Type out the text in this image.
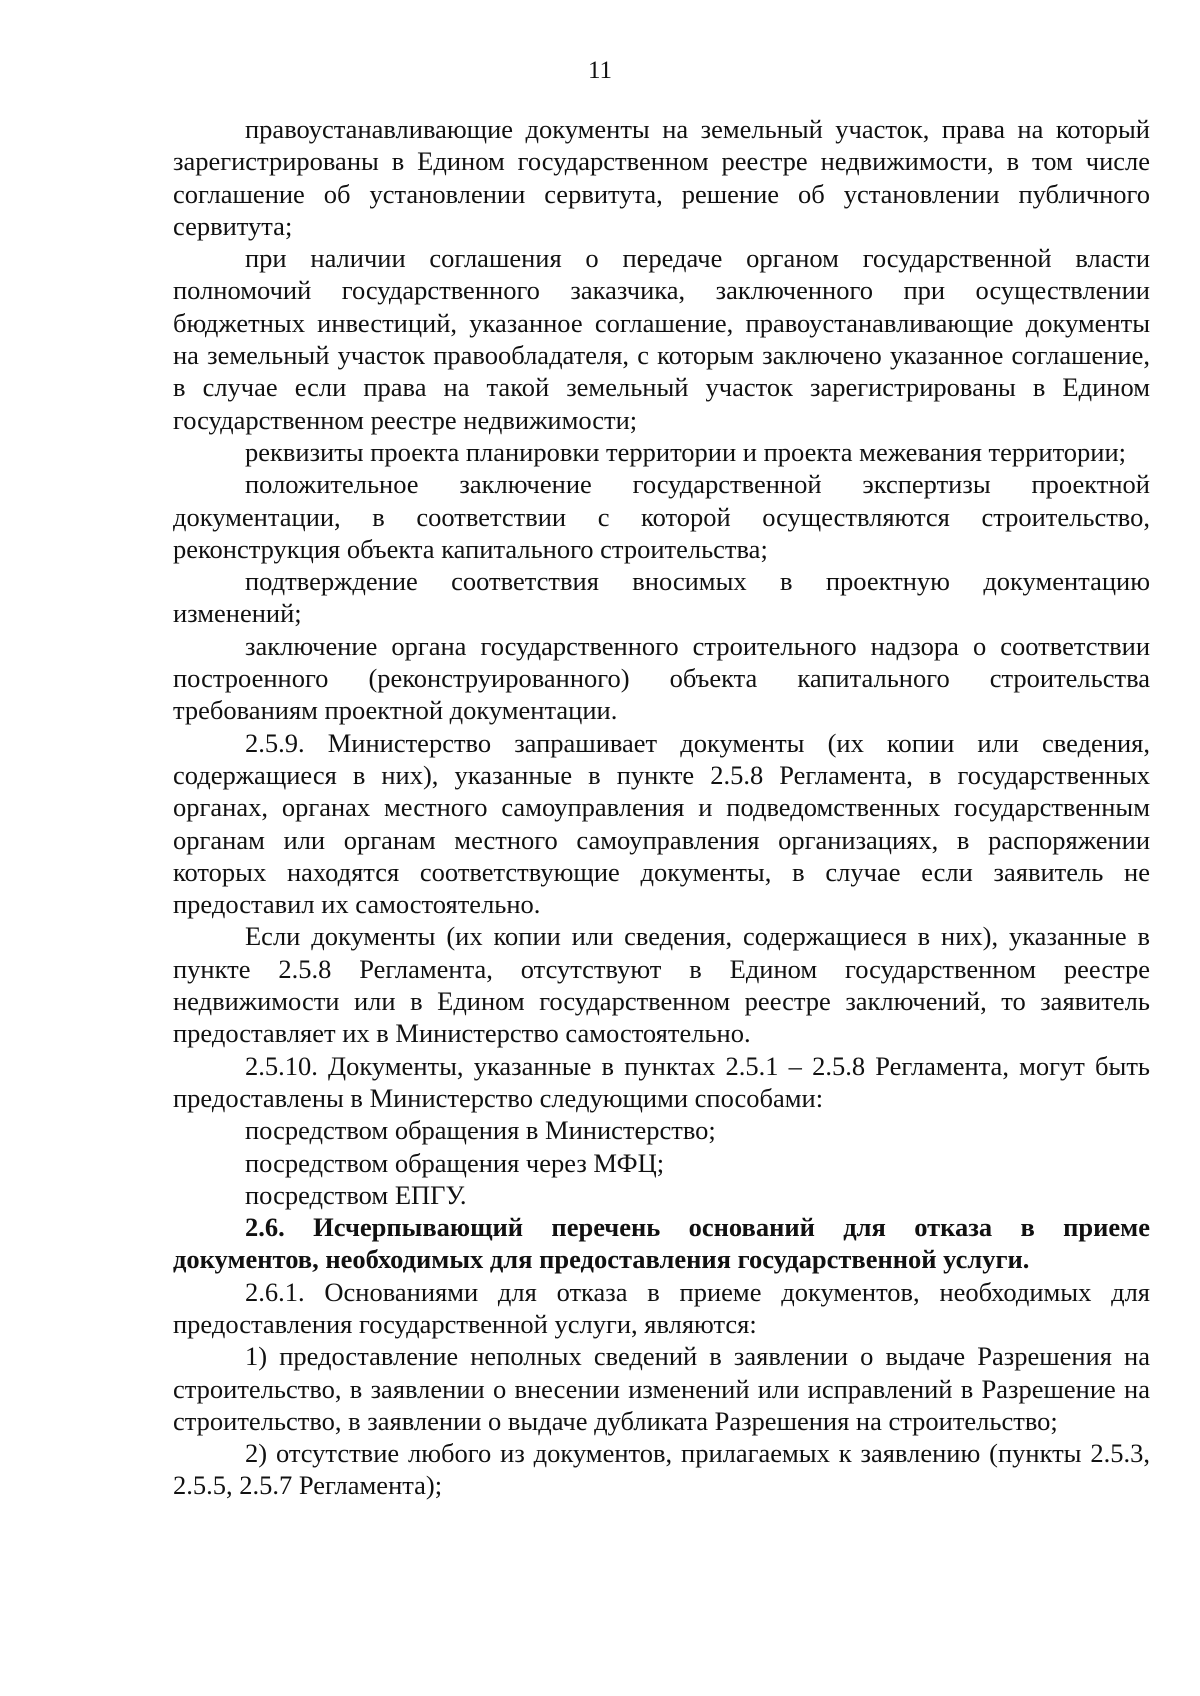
11

правоустанавливающие документы на земельный участок, права на который зарегистрированы в Едином государственном реестре недвижимости, в том числе соглашение об установлении сервитута, решение об установлении публичного сервитута;

при наличии соглашения о передаче органом государственной власти полномочий государственного заказчика, заключенного при осуществлении бюджетных инвестиций, указанное соглашение, правоустанавливающие документы на земельный участок правообладателя, с которым заключено указанное соглашение, в случае если права на такой земельный участок зарегистрированы в Едином государственном реестре недвижимости;

реквизиты проекта планировки территории и проекта межевания территории;

положительное заключение государственной экспертизы проектной документации, в соответствии с которой осуществляются строительство, реконструкция объекта капитального строительства;

подтверждение соответствия вносимых в проектную документацию изменений;

заключение органа государственного строительного надзора о соответствии построенного (реконструированного) объекта капитального строительства требованиям проектной документации.

2.5.9. Министерство запрашивает документы (их копии или сведения, содержащиеся в них), указанные в пункте 2.5.8 Регламента, в государственных органах, органах местного самоуправления и подведомственных государственным органам или органам местного самоуправления организациях, в распоряжении которых находятся соответствующие документы, в случае если заявитель не предоставил их самостоятельно.

Если документы (их копии или сведения, содержащиеся в них), указанные в пункте 2.5.8 Регламента, отсутствуют в Едином государственном реестре недвижимости или в Едином государственном реестре заключений, то заявитель предоставляет их в Министерство самостоятельно.

2.5.10. Документы, указанные в пунктах 2.5.1 – 2.5.8 Регламента, могут быть предоставлены в Министерство следующими способами:

посредством обращения в Министерство;

посредством обращения через МФЦ;

посредством ЕПГУ.

2.6. Исчерпывающий перечень оснований для отказа в приеме документов, необходимых для предоставления государственной услуги.

2.6.1. Основаниями для отказа в приеме документов, необходимых для предоставления государственной услуги, являются:

1) предоставление неполных сведений в заявлении о выдаче Разрешения на строительство, в заявлении о внесении изменений или исправлений в Разрешение на строительство, в заявлении о выдаче дубликата Разрешения на строительство;

2) отсутствие любого из документов, прилагаемых к заявлению (пункты 2.5.3, 2.5.5, 2.5.7 Регламента);
